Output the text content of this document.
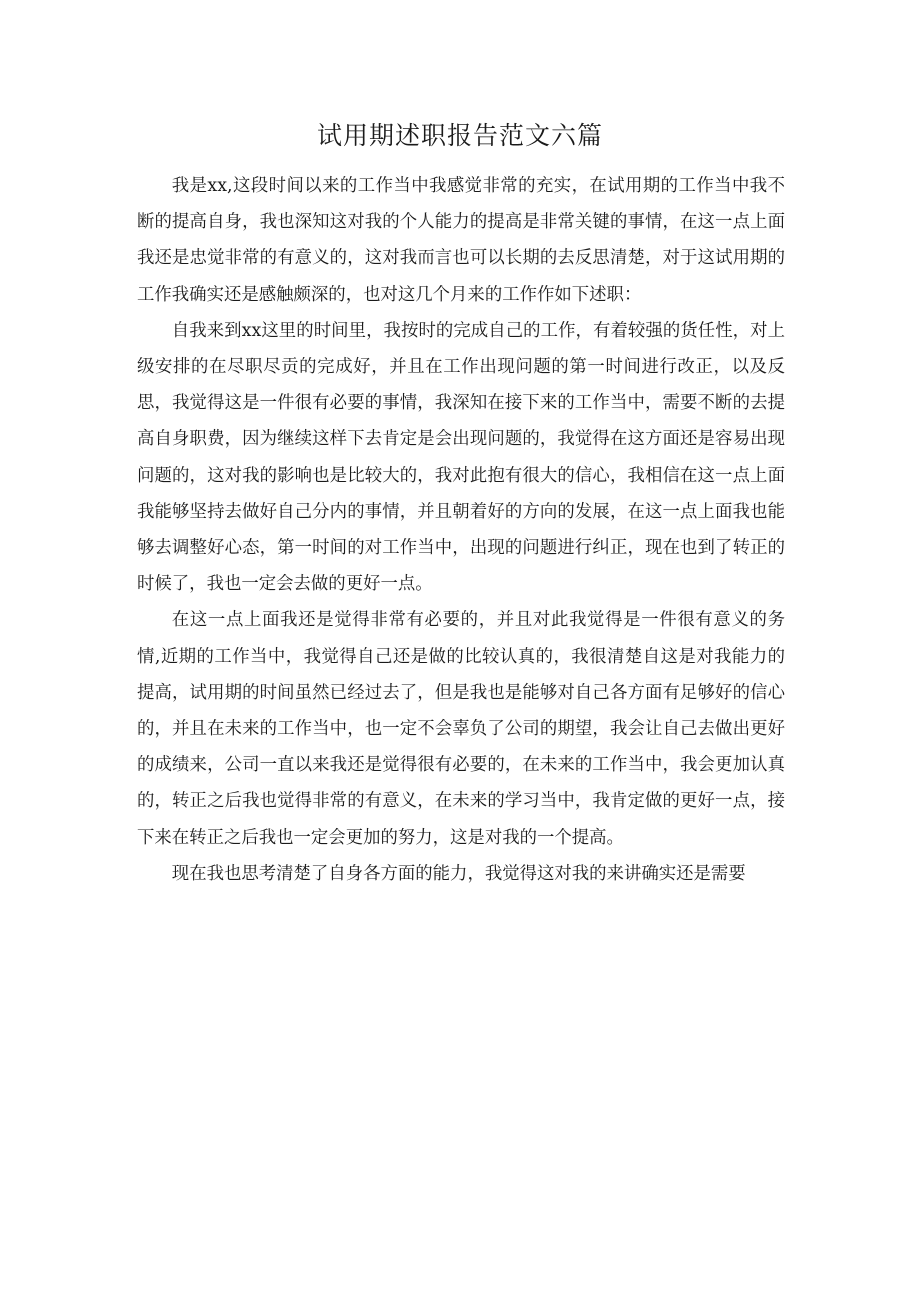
试用期述职报告范文六篇

我是xx,这段时间以来的工作当中我感觉非常的充实，在试用期的工作当中我不断的提高自身，我也深知这对我的个人能力的提高是非常关键的事情，在这一点上面我还是忠觉非常的有意义的，这对我而言也可以长期的去反思清楚，对于这试用期的工作我确实还是感触颇深的，也对这几个月来的工作作如下述职：

自我来到xx这里的时间里，我按时的完成自己的工作，有着较强的货任性，对上级安排的在尽职尽贡的完成好，并且在工作出现问题的第一时间进行改正，以及反思，我觉得这是一件很有必要的事情，我深知在接下来的工作当中，需要不断的去提高自身职费，因为继续这样下去肯定是会出现问题的，我觉得在这方面还是容易出现问题的，这对我的影响也是比较大的，我对此抱有很大的信心，我相信在这一点上面我能够坚持去做好自己分内的事情，并且朝着好的方向的发展，在这一点上面我也能够去调整好心态，第一时间的对工作当中，出现的问题进行纠正，现在也到了转正的时候了，我也一定会去做的更好一点。

在这一点上面我还是觉得非常有必要的，并且对此我觉得是一件很有意义的务情,近期的工作当中，我觉得自己还是做的比较认真的，我很清楚自这是对我能力的提高，试用期的时间虽然已经过去了，但是我也是能够对自己各方面有足够好的信心的，并且在未来的工作当中，也一定不会辜负了公司的期望，我会让自己去做出更好的成绩来，公司一直以来我还是觉得很有必要的，在未来的工作当中，我会更加认真的，转正之后我也觉得非常的有意义，在未来的学习当中，我肯定做的更好一点，接下来在转正之后我也一定会更加的努力，这是对我的一个提高。

现在我也思考清楚了自身各方面的能力，我觉得这对我的来讲确实还是需要
